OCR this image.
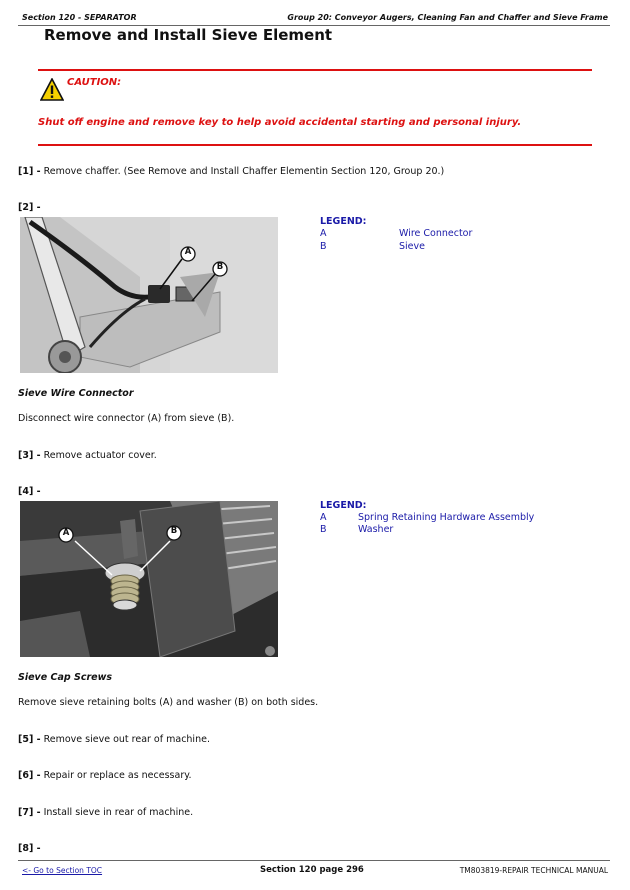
Section 120 - SEPARATOR	Group 20: Conveyor Augers, Cleaning Fan and Chaffer and Sieve Frame
Remove and Install Sieve Element
CAUTION:
Shut off engine and remove key to help avoid accidental starting and personal injury.
[1] - Remove chaffer. (See Remove and Install Chaffer Elementin Section 120, Group 20.)
[2] -
A
B
LEGEND:
A	Wire Connector
B	Sieve
Sieve Wire Connector
Disconnect wire connector (A) from sieve (B).
[3] - Remove actuator cover.
[4] -
A	B
LEGEND:
A	Spring Retaining Hardware Assembly
B	Washer
Sieve Cap Screws
Remove sieve retaining bolts (A) and washer (B) on both sides.
[5] - Remove sieve out rear of machine.
[6] - Repair or replace as necessary.
[7] - Install sieve in rear of machine.
[8] -
<- Go to Section TOC	Section 120 page 296	TM803819-REPAIR TECHNICAL MANUAL
